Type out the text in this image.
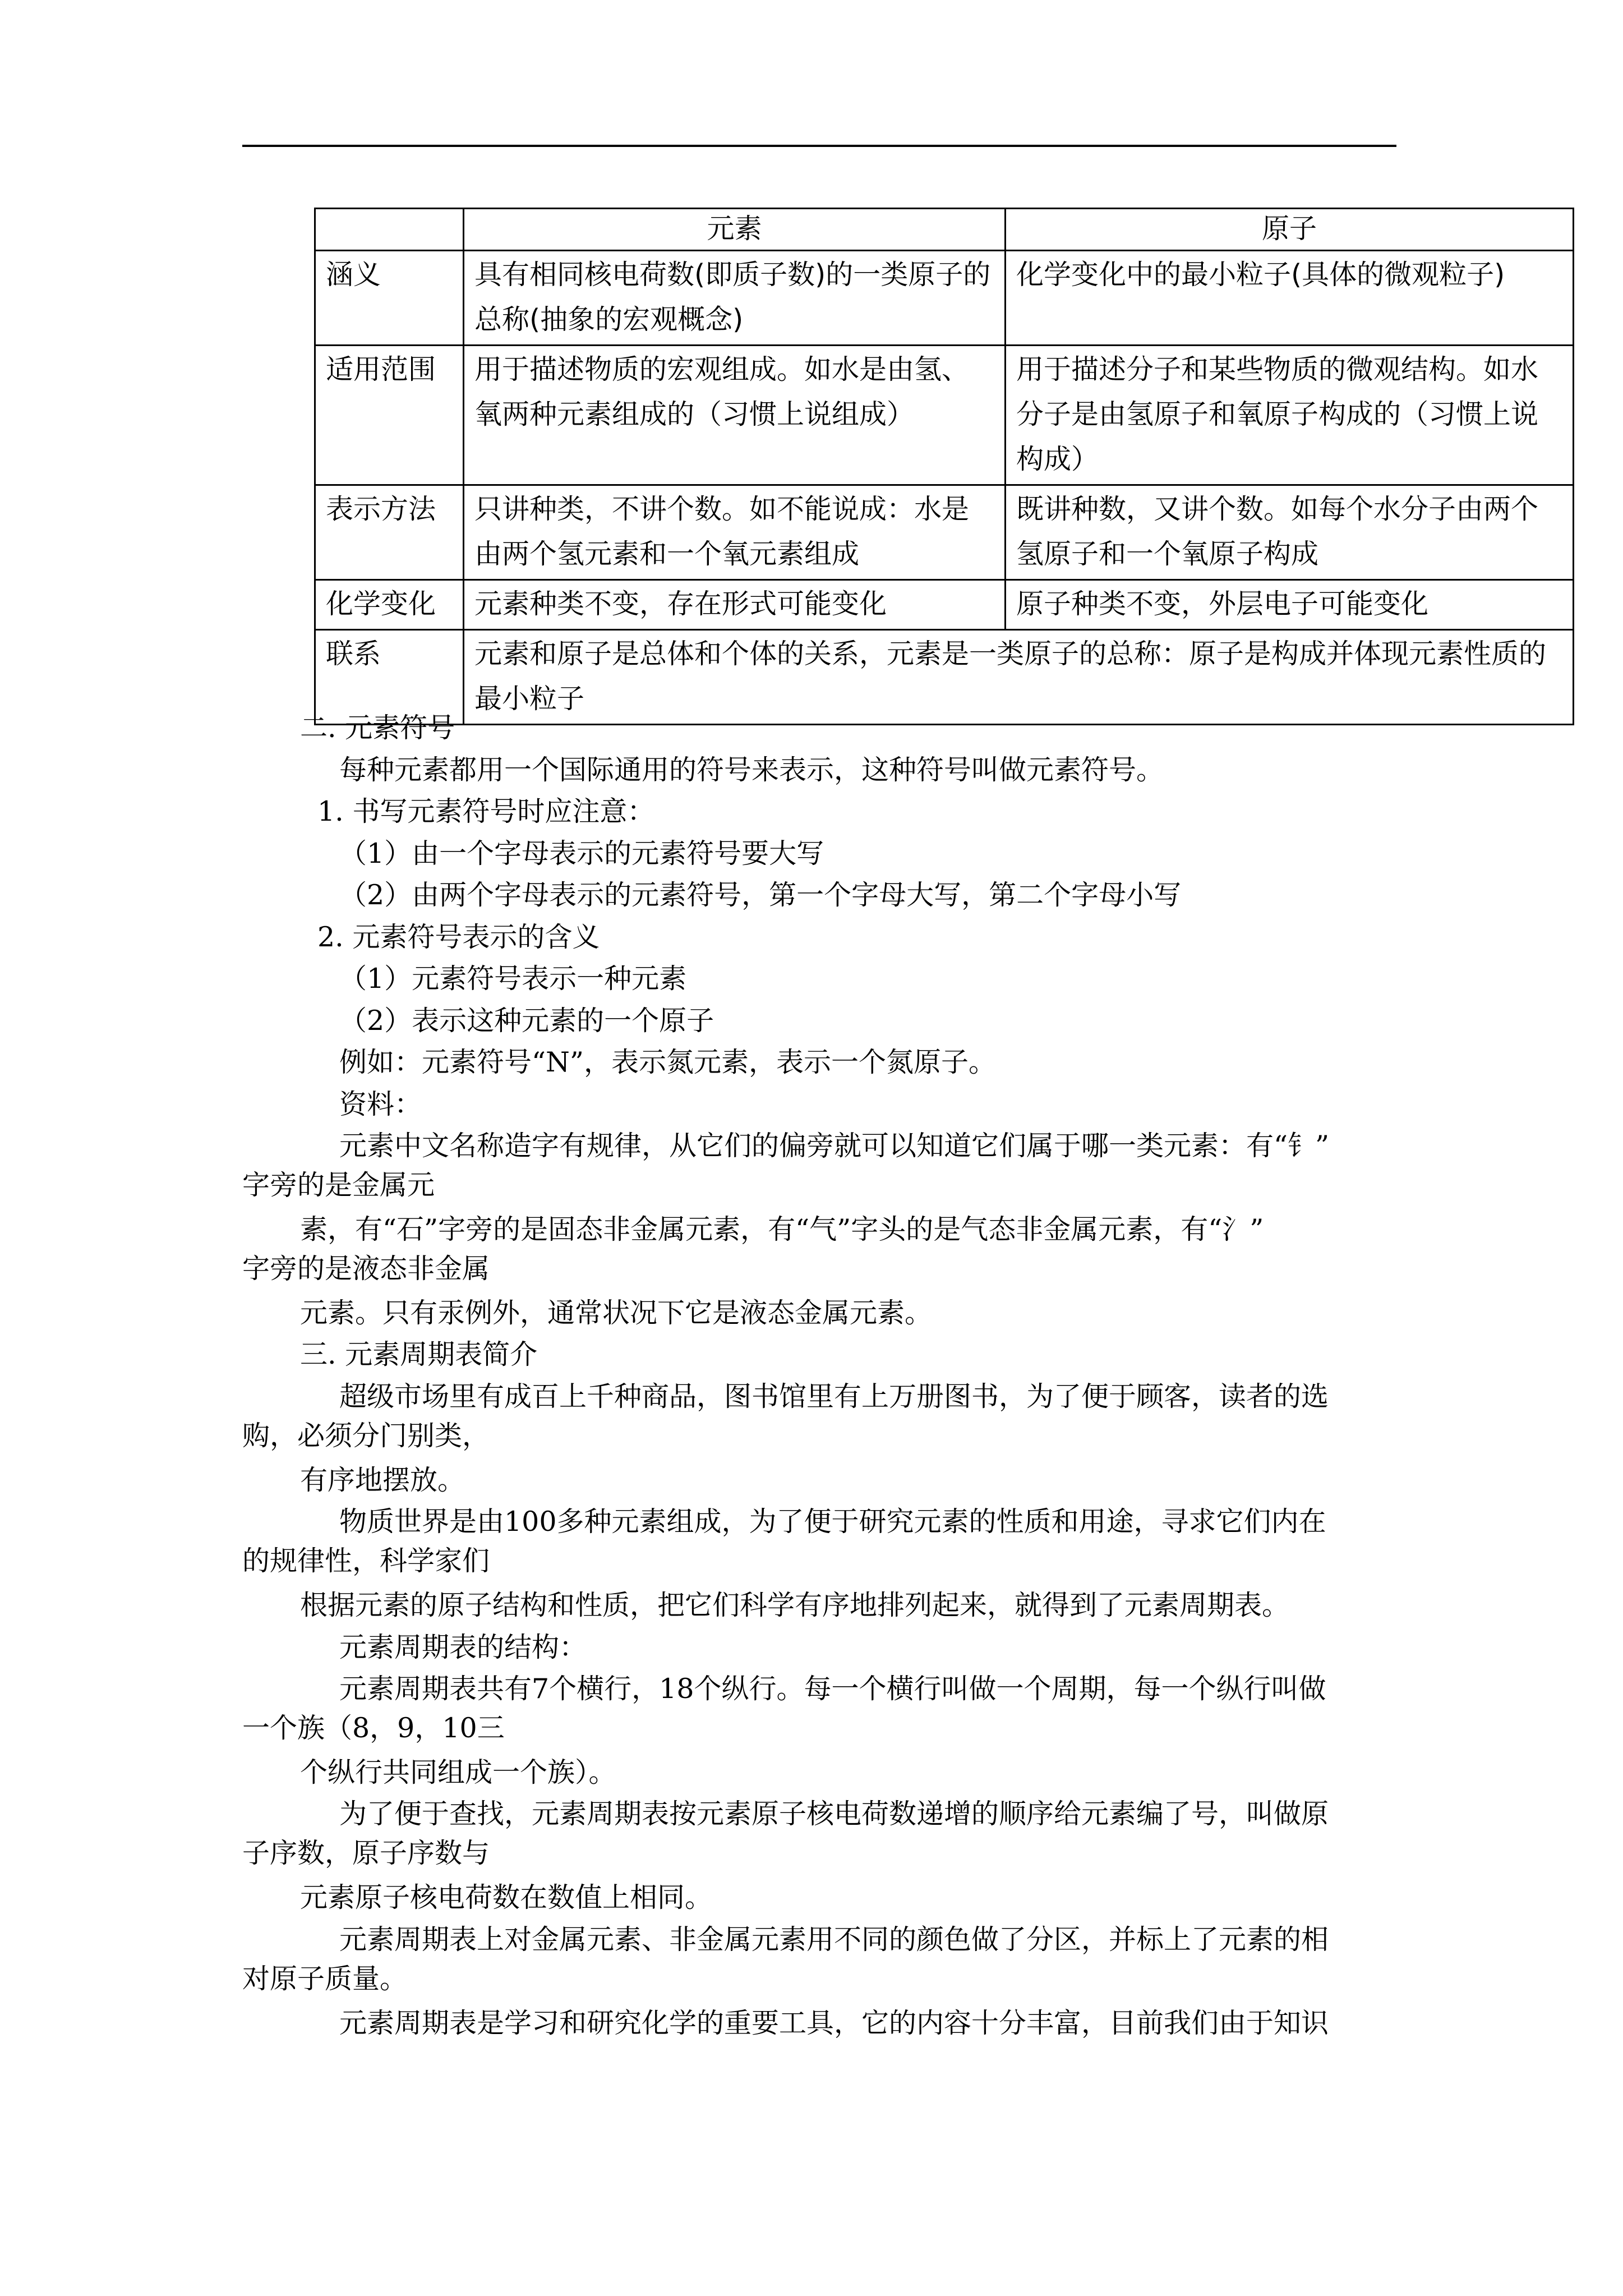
	元素	原子
涵义	具有相同核电荷数(即质子数)的一类原子的总称(抽象的宏观概念)	化学变化中的最小粒子(具体的微观粒子)
适用范围	用于描述物质的宏观组成。如水是由氢、氧两种元素组成的（习惯上说组成）	用于描述分子和某些物质的微观结构。如水分子是由氢原子和氧原子构成的（习惯上说构成）
表示方法	只讲种类，不讲个数。如不能说成：水是由两个氢元素和一个氧元素组成	既讲种数，又讲个数。如每个水分子由两个氢原子和一个氧原子构成
化学变化	元素种类不变，存在形式可能变化	原子种类不变，外层电子可能变化
联系	元素和原子是总体和个体的关系，元素是一类原子的总称：原子是构成并体现元素性质的最小粒子	
二. 元素符号
每种元素都用一个国际通用的符号来表示，这种符号叫做元素符号。
1. 书写元素符号时应注意：
（1）由一个字母表示的元素符号要大写
（2）由两个字母表示的元素符号，第一个字母大写，第二个字母小写
2. 元素符号表示的含义
（1）元素符号表示一种元素
（2）表示这种元素的一个原子
例如：元素符号“N”，表示氮元素，表示一个氮原子。
资料：
元素中文名称造字有规律，从它们的偏旁就可以知道它们属于哪一类元素：有“钅”
字旁的是金属元
素，有“石”字旁的是固态非金属元素，有“气”字头的是气态非金属元素，有“氵”
字旁的是液态非金属
元素。只有汞例外，通常状况下它是液态金属元素。
三. 元素周期表简介
超级市场里有成百上千种商品，图书馆里有上万册图书，为了便于顾客，读者的选
购，必须分门别类，
有序地摆放。
物质世界是由100多种元素组成，为了便于研究元素的性质和用途，寻求它们内在
的规律性，科学家们
根据元素的原子结构和性质，把它们科学有序地排列起来，就得到了元素周期表。
元素周期表的结构：
元素周期表共有7个横行，18个纵行。每一个横行叫做一个周期，每一个纵行叫做
一个族（8，9，10三
个纵行共同组成一个族）。
为了便于查找，元素周期表按元素原子核电荷数递增的顺序给元素编了号，叫做原
子序数，原子序数与
元素原子核电荷数在数值上相同。
元素周期表上对金属元素、非金属元素用不同的颜色做了分区，并标上了元素的相
对原子质量。
元素周期表是学习和研究化学的重要工具，它的内容十分丰富，目前我们由于知识
